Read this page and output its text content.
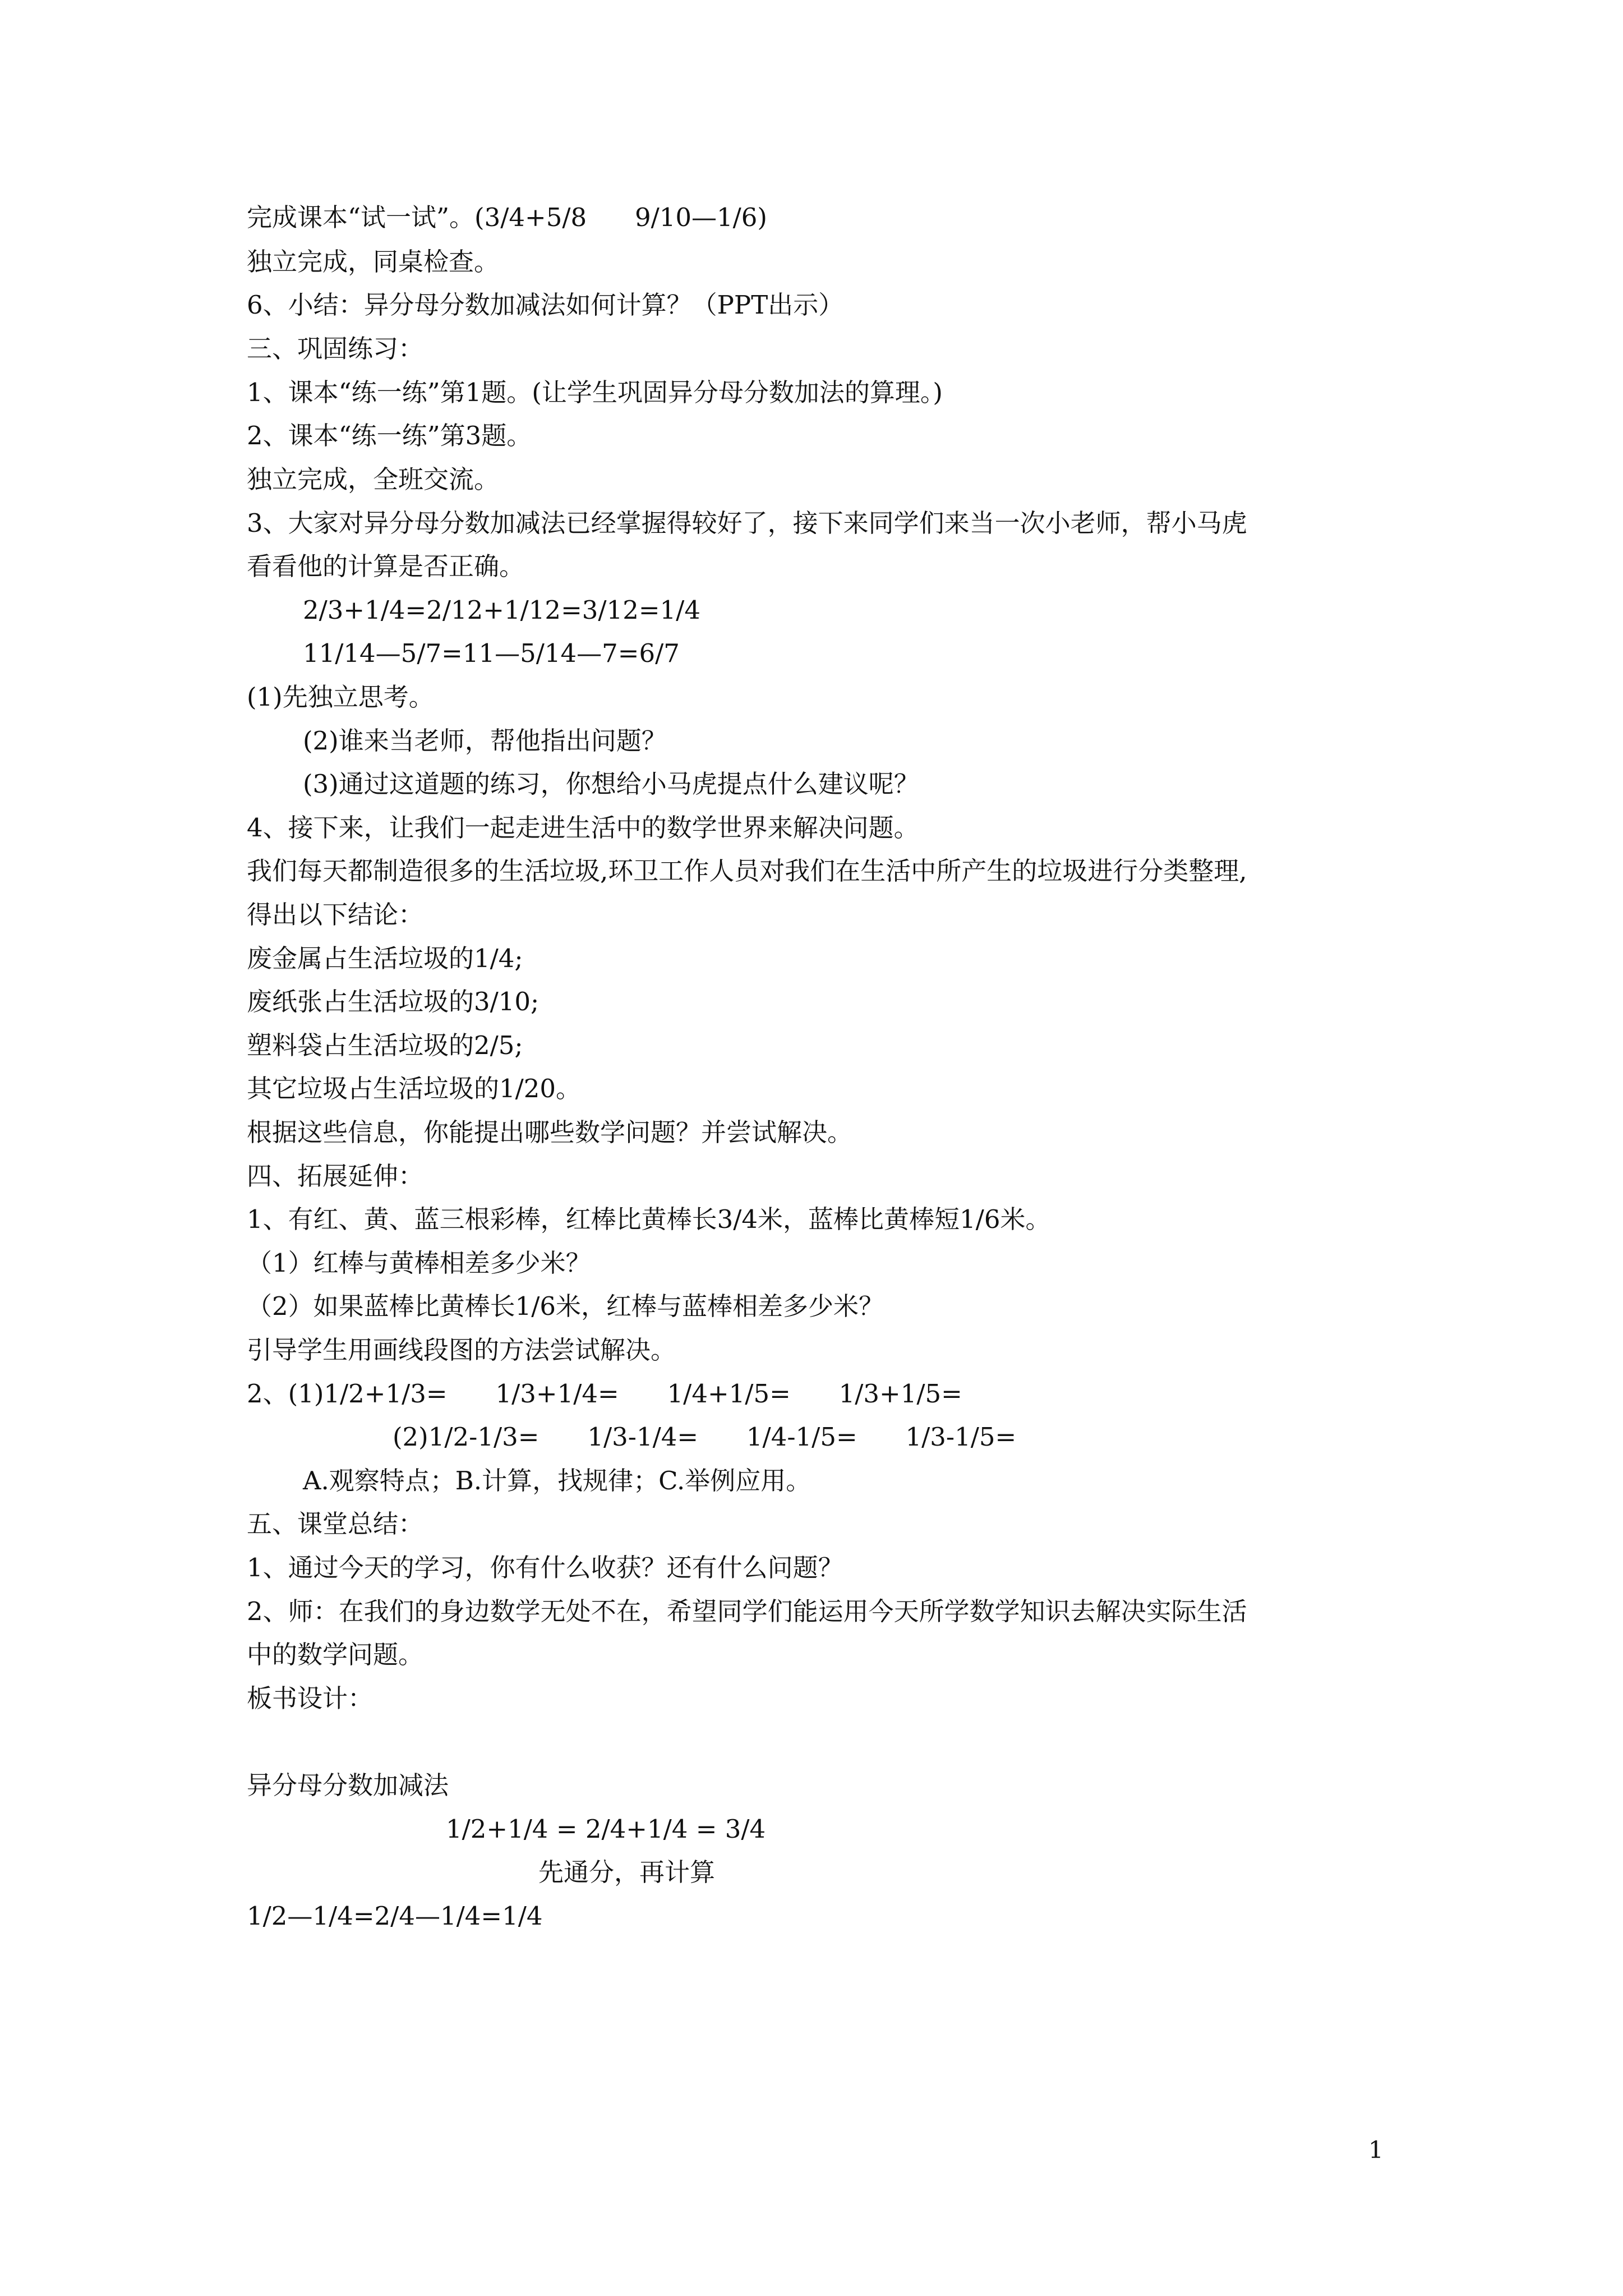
完成课本“试一试”。(3/4+5/8      9/10—1/6)
独立完成，同桌检查。
6、小结：异分母分数加减法如何计算？（PPT出示）
三、巩固练习：
1、课本“练一练”第1题。(让学生巩固异分母分数加法的算理。)
2、课本“练一练”第3题。
独立完成，全班交流。
3、大家对异分母分数加减法已经掌握得较好了，接下来同学们来当一次小老师，帮小马虎
看看他的计算是否正确。
2/3+1/4=2/12+1/12=3/12=1/4
11/14—5/7=11—5/14—7=6/7
(1)先独立思考。
(2)谁来当老师，帮他指出问题？
(3)通过这道题的练习，你想给小马虎提点什么建议呢？
4、接下来，让我们一起走进生活中的数学世界来解决问题。
我们每天都制造很多的生活垃圾,环卫工作人员对我们在生活中所产生的垃圾进行分类整理,
得出以下结论：
废金属占生活垃圾的1/4;
废纸张占生活垃圾的3/10;
塑料袋占生活垃圾的2/5;
其它垃圾占生活垃圾的1/20。
根据这些信息，你能提出哪些数学问题？并尝试解决。
四、拓展延伸：
1、有红、黄、蓝三根彩棒，红棒比黄棒长3/4米，蓝棒比黄棒短1/6米。
（1）红棒与黄棒相差多少米？
（2）如果蓝棒比黄棒长1/6米，红棒与蓝棒相差多少米？
引导学生用画线段图的方法尝试解决。
2、(1)1/2+1/3=      1/3+1/4=      1/4+1/5=      1/3+1/5=
(2)1/2-1/3=      1/3-1/4=      1/4-1/5=      1/3-1/5=
A.观察特点；B.计算，找规律；C.举例应用。
五、课堂总结：
1、通过今天的学习，你有什么收获？还有什么问题？
2、师：在我们的身边数学无处不在，希望同学们能运用今天所学数学知识去解决实际生活
中的数学问题。
板书设计：
异分母分数加减法
1/2+1/4 = 2/4+1/4 = 3/4
先通分，再计算
1/2—1/4=2/4—1/4=1/4
1
